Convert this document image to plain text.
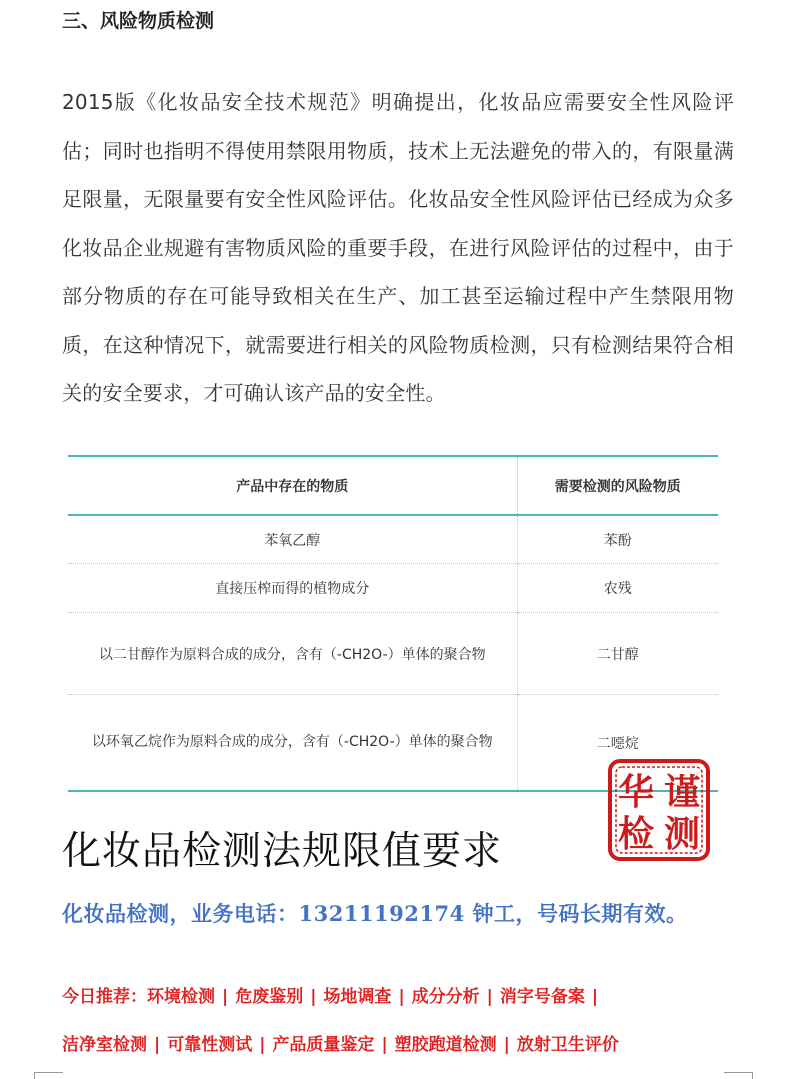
三、风险物质检测
2015版《化妆品安全技术规范》明确提出，化妆品应需要安全性风险评估；同时也指明不得使用禁限用物质，技术上无法避免的带入的，有限量满足限量，无限量要有安全性风险评估。化妆品安全性风险评估已经成为众多化妆品企业规避有害物质风险的重要手段，在进行风险评估的过程中，由于部分物质的存在可能导致相关在生产、加工甚至运输过程中产生禁限用物质，在这种情况下，就需要进行相关的风险物质检测，只有检测结果符合相关的安全要求，才可确认该产品的安全性。
产品中存在的物质	需要检测的风险物质
苯氧乙醇	苯酚
直接压榨而得的植物成分	农残
以二甘醇作为原料合成的成分，含有（-CH2O-）单体的聚合物	二甘醇
以环氧乙烷作为原料合成的成分，含有（-CH2O-）单体的聚合物	二噁烷
谨
华
测
检
化妆品检测法规限值要求
化妆品检测，业务电话：13211192174 钟工，号码长期有效。
今日推荐：环境检测 | 危废鉴别 | 场地调查 | 成分分析 | 消字号备案 |
洁净室检测 | 可靠性测试 | 产品质量鉴定 | 塑胶跑道检测 | 放射卫生评价
